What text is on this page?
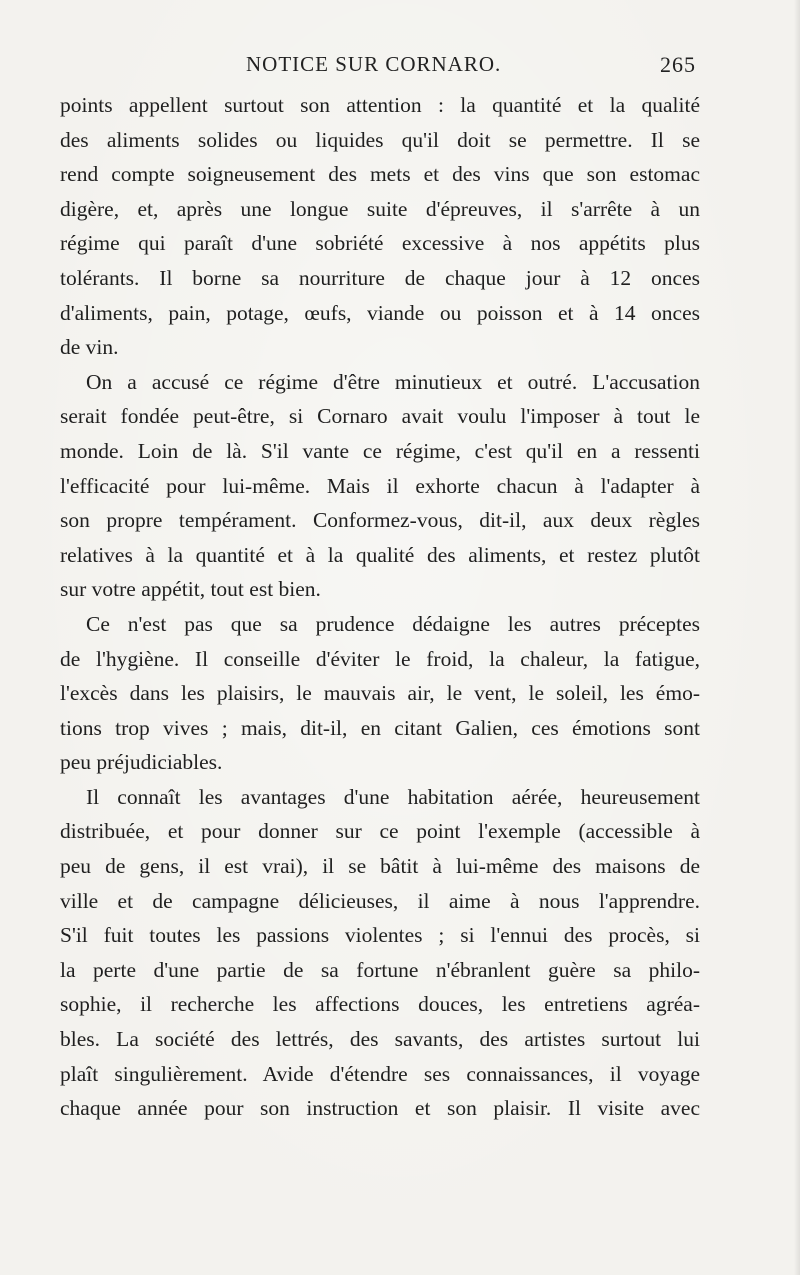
NOTICE SUR CORNARO.	265
points appellent surtout son attention : la quantité et la qualité
des aliments solides ou liquides qu'il doit se permettre. Il se
rend compte soigneusement des mets et des vins que son estomac
digère, et, après une longue suite d'épreuves, il s'arrête à un
régime qui paraît d'une sobriété excessive à nos appétits plus
tolérants. Il borne sa nourriture de chaque jour à 12 onces
d'aliments, pain, potage, œufs, viande ou poisson et à 14 onces
de vin.
On a accusé ce régime d'être minutieux et outré. L'accusation
serait fondée peut-être, si Cornaro avait voulu l'imposer à tout le
monde. Loin de là. S'il vante ce régime, c'est qu'il en a ressenti
l'efficacité pour lui-même. Mais il exhorte chacun à l'adapter à
son propre tempérament. Conformez-vous, dit-il, aux deux règles
relatives à la quantité et à la qualité des aliments, et restez plutôt
sur votre appétit, tout est bien.
Ce n'est pas que sa prudence dédaigne les autres préceptes
de l'hygiène. Il conseille d'éviter le froid, la chaleur, la fatigue,
l'excès dans les plaisirs, le mauvais air, le vent, le soleil, les émo-
tions trop vives ; mais, dit-il, en citant Galien, ces émotions sont
peu préjudiciables.
Il connaît les avantages d'une habitation aérée, heureusement
distribuée, et pour donner sur ce point l'exemple (accessible à
peu de gens, il est vrai), il se bâtit à lui-même des maisons de
ville et de campagne délicieuses, il aime à nous l'apprendre.
S'il fuit toutes les passions violentes ; si l'ennui des procès, si
la perte d'une partie de sa fortune n'ébranlent guère sa philo-
sophie, il recherche les affections douces, les entretiens agréa-
bles. La société des lettrés, des savants, des artistes surtout lui
plaît singulièrement. Avide d'étendre ses connaissances, il voyage
chaque année pour son instruction et son plaisir. Il visite avec
